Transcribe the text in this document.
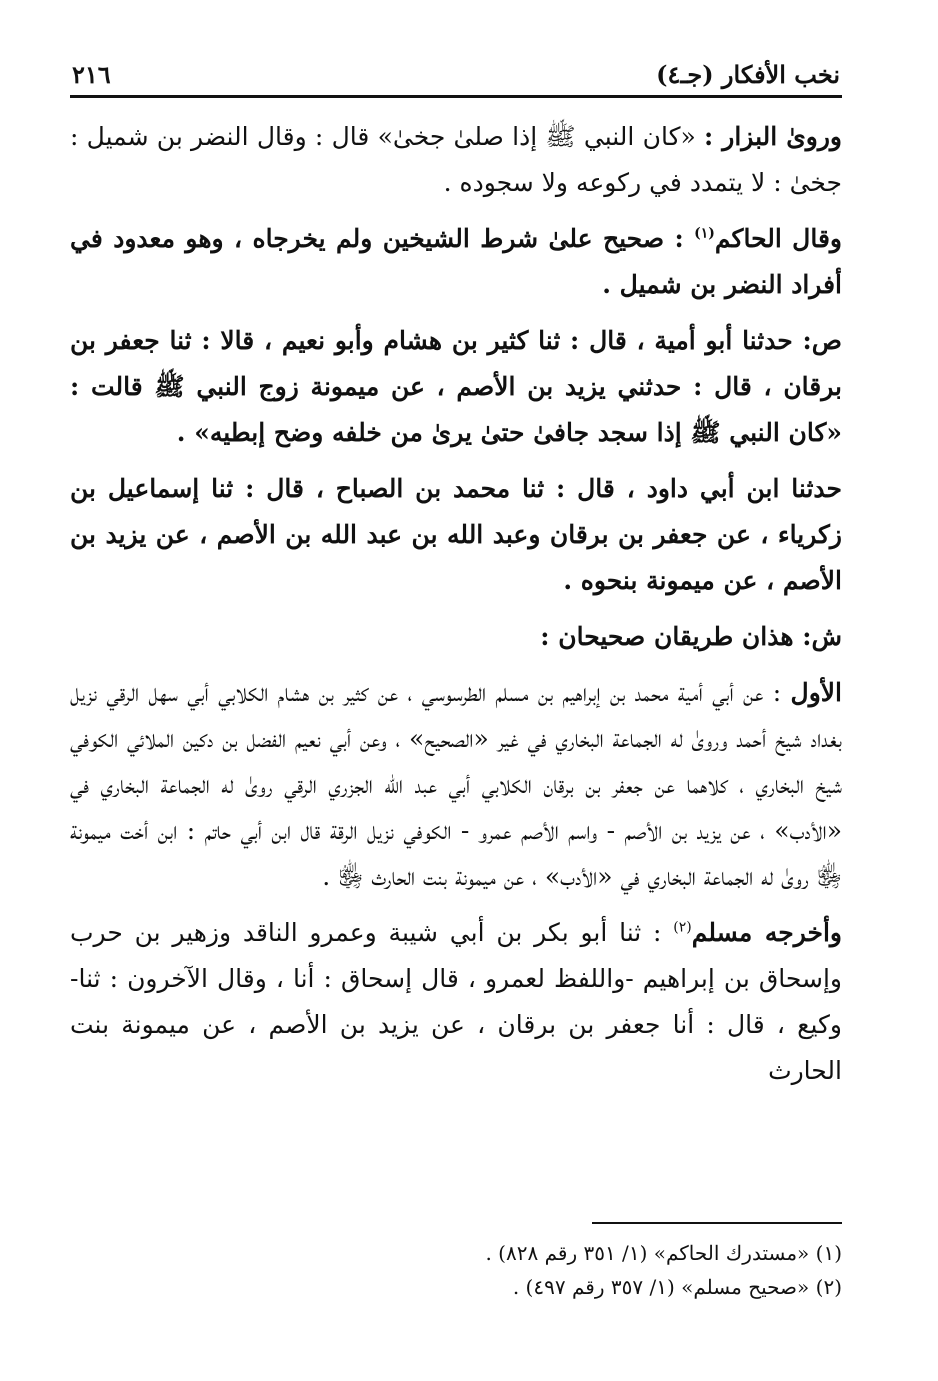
نخب الأفكار (جـ٤)
٢١٦

وروىٰ البزار : «كان النبي ﷺ إذا صلىٰ جخىٰ» قال : وقال النضر بن شميل : جخىٰ : لا يتمدد في ركوعه ولا سجوده .

وقال الحاكم$^{(١)}$ : صحيح علىٰ شرط الشيخين ولم يخرجاه ، وهو معدود في أفراد النضر بن شميل .

ص: حدثنا أبو أمية ، قال : ثنا كثير بن هشام وأبو نعيم ، قالا : ثنا جعفر بن برقان ، قال : حدثني يزيد بن الأصم ، عن ميمونة زوج النبي ﷺ قالت : «كان النبي ﷺ إذا سجد جافىٰ حتىٰ يرىٰ من خلفه وضح إبطيه» .

حدثنا ابن أبي داود ، قال : ثنا محمد بن الصباح ، قال : ثنا إسماعيل بن زكرياء ، عن جعفر بن برقان وعبد الله بن عبد الله بن الأصم ، عن يزيد بن الأصم ، عن ميمونة بنحوه .

ش: هذان طريقان صحيحان :

الأول : عن أبي أمية محمد بن إبراهيم بن مسلم الطرسوسي ، عن كثير بن هشام الكلابي أبي سهل الرقي نزيل بغداد شيخ أحمد وروىٰ له الجماعة البخاري في غير «الصحيح» ، وعن أبي نعيم الفضل بن دكين الملائي الكوفي شيخ البخاري ، كلاهما عن جعفر بن برقان الكلابي أبي عبد الله الجزري الرقي روىٰ له الجماعة البخاري في «الأدب» ، عن يزيد بن الأصم - واسم الأصم عمرو - الكوفي نزيل الرقة قال ابن أبي حاتم : ابن أخت ميمونة ﵂ روىٰ له الجماعة البخاري في «الأدب» ، عن ميمونة بنت الحارث ﵂ .

وأخرجه مسلم$^{(٢)}$ : ثنا أبو بكر بن أبي شيبة وعمرو الناقد وزهير بن حرب وإسحاق بن إبراهيم -واللفظ لعمرو ، قال إسحاق : أنا ، وقال الآخرون : ثنا- وكيع ، قال : أنا جعفر بن برقان ، عن يزيد بن الأصم ، عن ميمونة بنت الحارث

(١) «مستدرك الحاكم» (١/ ٣٥١ رقم ٨٢٨) .

(٢) «صحيح مسلم» (١/ ٣٥٧ رقم ٤٩٧) .
